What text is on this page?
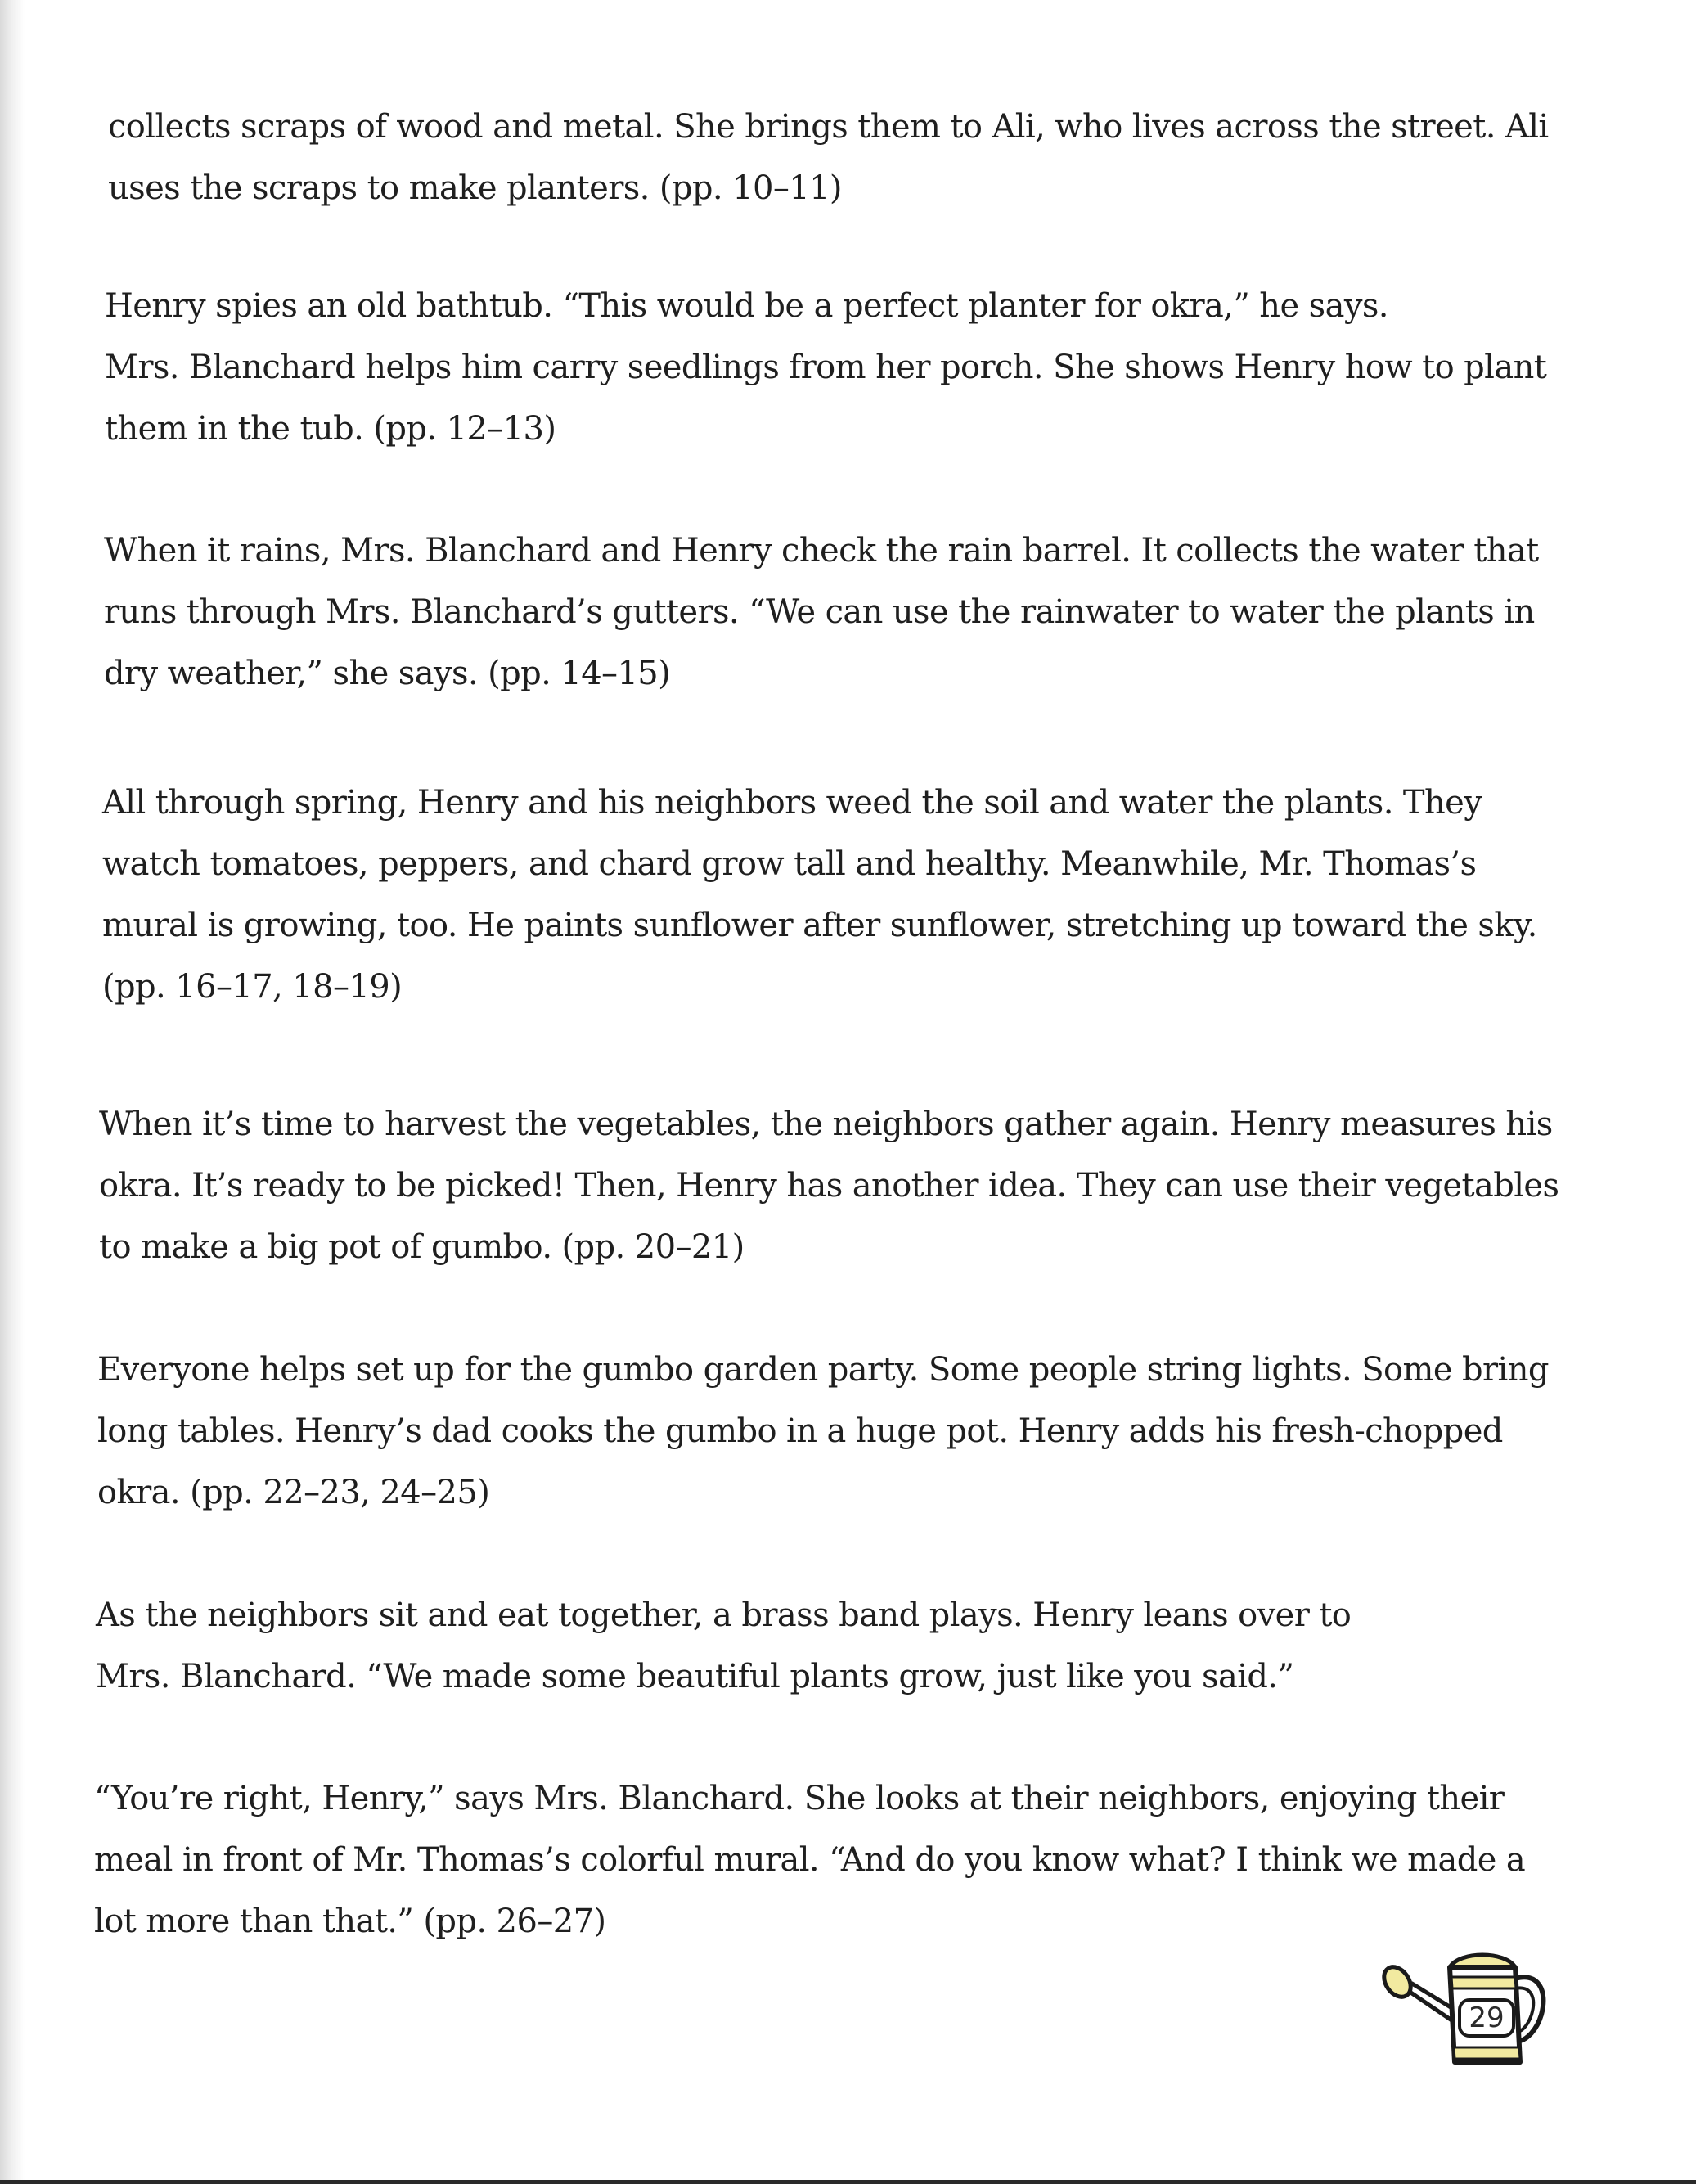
collects scraps of wood and metal. She brings them to Ali, who lives across the street. Ali
uses the scraps to make planters. (pp. 10–11)
Henry spies an old bathtub. “This would be a perfect planter for okra,” he says.
Mrs. Blanchard helps him carry seedlings from her porch. She shows Henry how to plant
them in the tub. (pp. 12–13)
When it rains, Mrs. Blanchard and Henry check the rain barrel. It collects the water that
runs through Mrs. Blanchard’s gutters. “We can use the rainwater to water the plants in
dry weather,” she says. (pp. 14–15)
All through spring, Henry and his neighbors weed the soil and water the plants. They
watch tomatoes, peppers, and chard grow tall and healthy. Meanwhile, Mr. Thomas’s
mural is growing, too. He paints sunflower after sunflower, stretching up toward the sky.
(pp. 16–17, 18–19)
When it’s time to harvest the vegetables, the neighbors gather again. Henry measures his
okra. It’s ready to be picked! Then, Henry has another idea. They can use their vegetables
to make a big pot of gumbo. (pp. 20–21)
Everyone helps set up for the gumbo garden party. Some people string lights. Some bring
long tables. Henry’s dad cooks the gumbo in a huge pot. Henry adds his fresh-chopped
okra. (pp. 22–23, 24–25)
As the neighbors sit and eat together, a brass band plays. Henry leans over to
Mrs. Blanchard. “We made some beautiful plants grow, just like you said.”
“You’re right, Henry,” says Mrs. Blanchard. She looks at their neighbors, enjoying their
meal in front of Mr. Thomas’s colorful mural. “And do you know what? I think we made a
lot more than that.” (pp. 26–27)
29
